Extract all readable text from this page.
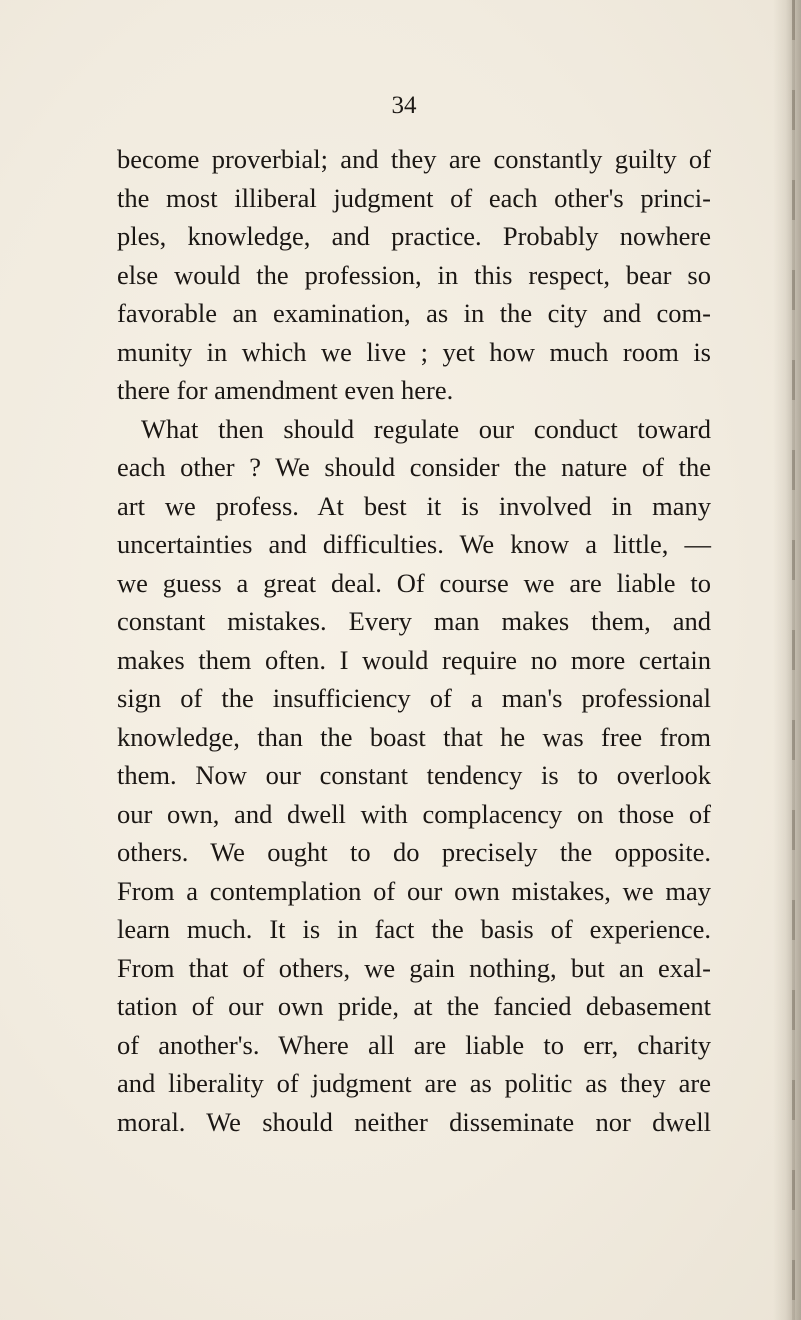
34
become proverbial; and they are constantly guilty of
the most illiberal judgment of each other's princi-
ples, knowledge, and practice. Probably nowhere
else would the profession, in this respect, bear so
favorable an examination, as in the city and com-
munity in which we live ; yet how much room is
there for amendment even here.
What then should regulate our conduct toward
each other ? We should consider the nature of the
art we profess. At best it is involved in many
uncertainties and difficulties. We know a little, —
we guess a great deal. Of course we are liable to
constant mistakes. Every man makes them, and
makes them often. I would require no more certain
sign of the insufficiency of a man's professional
knowledge, than the boast that he was free from
them. Now our constant tendency is to overlook
our own, and dwell with complacency on those of
others. We ought to do precisely the opposite.
From a contemplation of our own mistakes, we may
learn much. It is in fact the basis of experience.
From that of others, we gain nothing, but an exal-
tation of our own pride, at the fancied debasement
of another's. Where all are liable to err, charity
and liberality of judgment are as politic as they are
moral. We should neither disseminate nor dwell
